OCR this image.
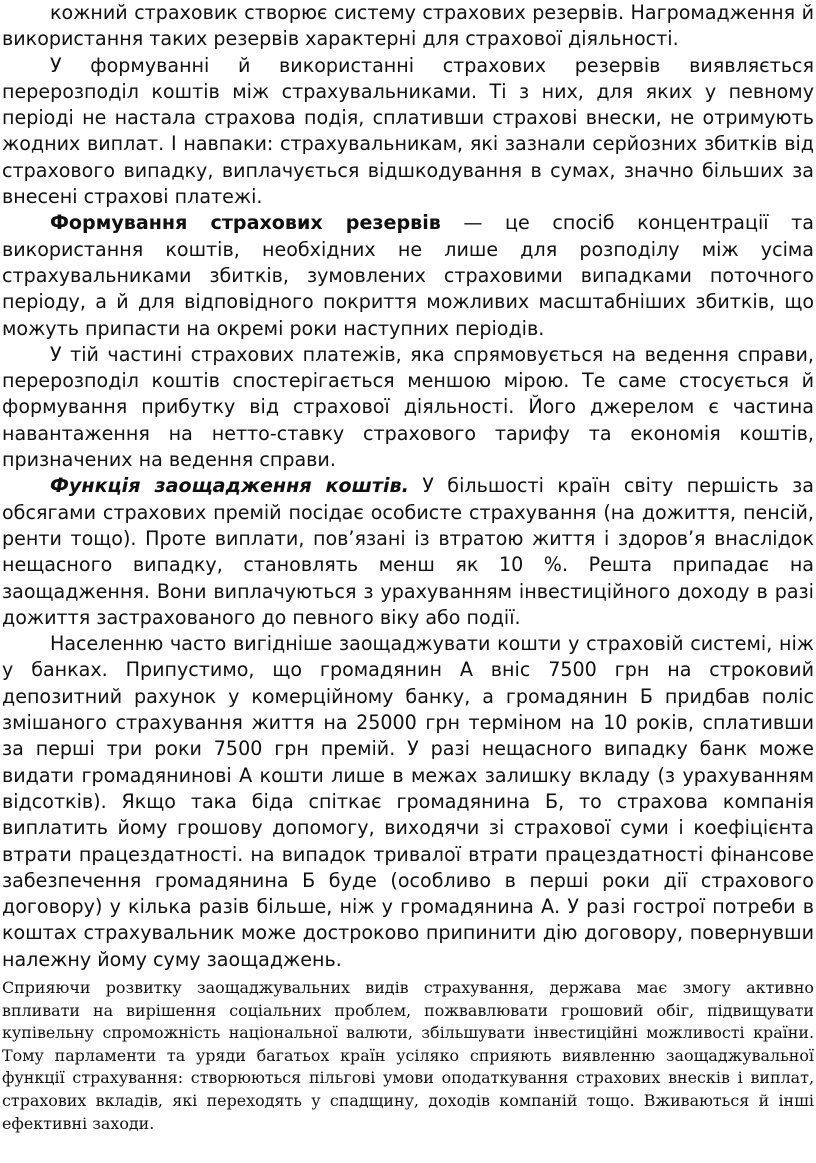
кожний страховик створює систему страхових резервів. Нагромадження й використання таких резервів характерні для страхової діяльності.

У формуванні й використанні страхових резервів виявляється перерозподіл коштів між страхувальниками. Ті з них, для яких у певному періоді не настала страхова подія, сплативши страхові внески, не отримують жодних виплат. І навпаки: страхувальникам, які зазнали серйозних збитків від страхового випадку, виплачується відшкодування в сумах, значно більших за внесені страхові платежі.

Формування страхових резервів — це спосіб концентрації та використання коштів, необхідних не лише для розподілу між усіма страхувальниками збитків, зумовлених страховими випадками поточного періоду, а й для відповідного покриття можливих масштабніших збитків, що можуть припасти на окремі роки наступних періодів.

У тій частині страхових платежів, яка спрямовується на ведення справи, перерозподіл коштів спостерігається меншою мірою. Те саме стосується й формування прибутку від страхової діяльності. Його джерелом є частина навантаження на нетто-ставку страхового тарифу та економія коштів, призначених на ведення справи.

Функція заощадження коштів. У більшості країн світу першість за обсягами страхових премій посідає особисте страхування (на дожиття, пенсій, ренти тощо). Проте виплати, пов’язані із втратою життя і здоров’я внаслідок нещасного випадку, становлять менш як 10 %. Решта припадає на заощадження. Вони виплачуються з урахуванням інвестиційного доходу в разі дожиття застрахованого до певного віку або події.

Населенню часто вигідніше заощаджувати кошти у страховій системі, ніж у банках. Припустимо, що громадянин А вніс 7500 грн на строковий депозитний рахунок у комерційному банку, а громадянин Б придбав поліс змішаного страхування життя на 25000 грн терміном на 10 років, сплативши за перші три роки 7500 грн премій. У разі нещасного випадку банк може видати громадянинові А кошти лише в межах залишку вкладу (з урахуванням відсотків). Якщо така біда спіткає громадянина Б, то страхова компанія виплатить йому грошову допомогу, виходячи зі страхової суми і коефіцієнта втрати працездатності. на випадок тривалої втрати працездатності фінансове забезпечення громадянина Б буде (особливо в перші роки дії страхового договору) у кілька разів більше, ніж у громадянина А. У разі гострої потреби в коштах страхувальник може достроково припинити дію договору, повернувши належну йому суму заощаджень.

Сприяючи розвитку заощаджувальних видів страхування, держава має змогу активно впливати на вирішення соціальних проблем, пожвавлювати грошовий обіг, підвищувати купівельну спроможність національної валюти, збільшувати інвестиційні можливості країни. Тому парламенти та уряди багатьох країн усіляко сприяють виявленню заощаджувальної функції страхування: створюються пільгові умови оподаткування страхових внесків і виплат, страхових вкладів, які переходять у спадщину, доходів компаній тощо. Вживаються й інші ефективні заходи.
